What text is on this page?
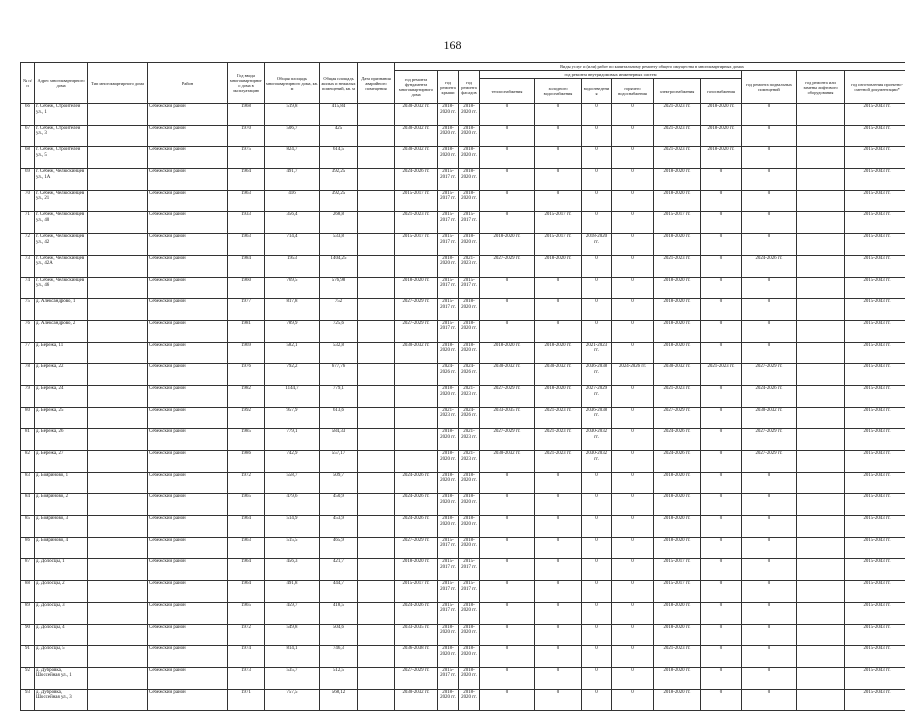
168
№ п/п	Адрес многоквартирного дома	Тип многоквартирного дома	Район	Год ввода многоквартирного дома в эксплуатацию	Общая площадь многоквартирного дома, кв. м	Общая площадь жилых и нежилых помещений, кв. м	Дата признания аварийного помещения	Виды услуг и (или) работ по капитальному ремонту общего имущества в многоквартирных домах											
								год ремонта фундамента многоквартирного дома	год ремонта крыши	год ремонта фасадов	год ремонта внутридомовых инженерных систем						год ремонта подвальных помещений	год ремонта или замены лифтового оборудования	год изготовления проектно-сметной документации*
											теплоснабжения	холодного водоснабжения	водоотведения	горячего водоснабжения	электроснабжения	газоснабжения			
66	г. Себеж, Строителей ул., 1		Себежский район	1968	519,8	415,84		2030-2032 гг.	2018-2020 гг.	2018-2020 гг.	0	0	0	0	2021-2023 гг.	2018-2020 гг.	0		2015-2043 гг.
67	г. Себеж, Строителей ул., 3		Себежский район	1970	506,7	425		2030-2032 гг.	2018-2020 гг.	2018-2020 гг.	0	0	0	0	2021-2023 гг.	2018-2020 гг.	0		2015-2043 гг.
68	г. Себеж, Строителей ул., 5		Себежский район	1975	824,7	614,5		2030-2032 гг.	2018-2020 гг.	2018-2020 гг.	0	0	0	0	2021-2023 гг.	2018-2020 гг.	0		2015-2043 гг.
69	г. Себеж, Челюскинцев ул., 1А		Себежский район	1964	491,7	392,25		2024-2026 гг.	2015-2017 гг.	2018-2020 гг.	0	0	0	0	2018-2020 гг.	0	0		2015-2043 гг.
70	г. Себеж, Челюскинцев ул., 21		Себежский район	1963	416	392,25		2015-2017 гг.	2015-2017 гг.	2018-2020 гг.	0	0	0	0	2018-2020 гг.	0	0		2015-2043 гг.
71	г. Себеж, Челюскинцев ул., 40		Себежский район	1933	356,4	268,8		2021-2023 гг.	2015-2017 гг.	2015-2017 гг.	0	2015-2017 гг.	0	0	2015-2017 гг.	0	0		2015-2043 гг.
72	г. Себеж, Челюскинцев ул., 42		Себежский район	1963	714,4	533,8		2015-2017 гг.	2015-2017 гг.	2018-2020 гг.	2018-2020 гг.	2015-2017 гг.	2018-2020 гг.	0	2018-2020 гг.	0	0		2015-2043 гг.
73	г. Себеж, Челюскинцев ул., 42А		Себежский район	1984	1953	1404,25			2018-2020 гг.	2021-2023 гг.	2027-2029 гг.	2018-2020 гг.	0	0	2021-2023 гг.	0	2024-2026 гг.		2015-2043 гг.
74	г. Себеж, Челюскинцев ул., 46		Себежский район	1960	769,5	576,98		2018-2020 гг.	2015-2017 гг.	2015-2017 гг.	0	0	0	0	2018-2020 гг.	0	0		2015-2043 гг.
75	д. Александрово, 1		Себежский район	1977	817,8	752		2027-2029 гг.	2015-2017 гг.	2018-2020 гг.	0	0	0	0	2018-2020 гг.	0	0		2015-2043 гг.
76	д. Александрово, 2		Себежский район	1981	789,9	725,6		2027-2029 гг.	2015-2017 гг.	2018-2020 гг.	0	0	0	0	2018-2020 гг.	0	0		2015-2043 гг.
77	д. Бережа, 11		Себежский район	1969	582,1	532,8		2030-2032 гг.	2018-2020 гг.	2018-2020 гг.	2018-2020 гг.	2018-2020 гг.	2021-2023 гг.	0	2018-2020 гг.	0	0		2015-2043 гг.
78	д. Бережа, 22		Себежский район	1976	792,2	677,76			2024-2026 гг.	2024-2026 гг.	2030-2032 гг.	2030-2032 гг.	2036-2038 гг.	2024-2026 гг.	2030-2032 гг.	2021-2023 гг.	2027-2029 гг.		2015-2043 гг.
79	д. Бережа, 24		Себежский район	1982	1144,7	779,1			2018-2020 гг.	2021-2023 гг.	2027-2029 гг.	2018-2020 гг.	2027-2029 гг.	0	2021-2023 гг.	0	2024-2026 гг.		2015-2043 гг.
80	д. Бережа, 25		Себежский район	1992	957,9	613,6			2021-2023 гг.	2024-2026 гг.	2033-2035 гг.	2021-2023 гг.	2036-2038 гг.	0	2027-2029 гг.	0	2030-2032 гг.		2015-2043 гг.
81	д. Бережа, 26		Себежский район	1985	779,1	584,33			2018-2020 гг.	2021-2023 гг.	2027-2029 гг.	2021-2023 гг.	2030-2032 гг.	0	2024-2026 гг.	0	2027-2029 гг.		2015-2043 гг.
82	д. Бережа, 27		Себежский район	1986	742,9	557,17			2018-2020 гг.	2021-2023 гг.	2030-2032 гг.	2021-2023 гг.	2030-2032 гг.	0	2024-2026 гг.	0	2027-2029 гг.		2015-2043 гг.
83	д. Бояриново, 1		Себежский район	1972	558,7	509,7		2024-2026 гг.	2018-2020 гг.	2018-2020 гг.	0	0	0	0	2018-2020 гг.	0	0		2015-2043 гг.
84	д. Бояриново, 2		Себежский район	1965	479,6	450,9		2024-2026 гг.	2018-2020 гг.	2018-2020 гг.	0	0	0	0	2018-2020 гг.	0	0		2015-2043 гг.
85	д. Бояриново, 3		Себежский район	1964	514,9	453,9		2024-2026 гг.	2018-2020 гг.	2018-2020 гг.	0	0	0	0	2018-2020 гг.	0	0		2015-2043 гг.
86	д. Бояриново, 4		Себежский район	1963	515,5	465,9		2027-2029 гг.	2015-2017 гг.	2018-2020 гг.	0	0	0	0	2018-2020 гг.	0	0		2015-2043 гг.
87	д. Долосцы, 1		Себежский район	1964	456,3	421,7		2018-2020 гг.	2015-2017 гг.	2015-2017 гг.	0	0	0	0	2015-2017 гг.	0	0		2015-2043 гг.
88	д. Долосцы, 2		Себежский район	1964	491,8	444,7		2015-2017 гг.	2015-2017 гг.	2015-2017 гг.	0	0	0	0	2015-2017 гг.	0	0		2015-2043 гг.
89	д. Долосцы, 3		Себежский район	1965	459,7	418,5		2024-2026 гг.	2015-2017 гг.	2018-2020 гг.	0	0	0	0	2018-2020 гг.	0	0		2015-2043 гг.
90	д. Долосцы, 4		Себежский район	1972	549,8	504,6		2033-2035 гг.	2018-2020 гг.	2018-2020 гг.	0	0	0	0	2018-2020 гг.	0	0		2015-2043 гг.
91	д. Долосцы, 5		Себежский район	1974	814,1	746,3		2036-2038 гг.	2018-2020 гг.	2018-2020 гг.	0	0	0	0	2021-2023 гг.	0	0		2015-2043 гг.
92	д. Дубровка, Шоссейная ул., 1		Себежский район	1973	535,7	512,5		2027-2029 гг.	2015-2017 гг.	2018-2020 гг.	0	0	0	0	2018-2020 гг.	0	0		2015-2043 гг.
93	д. Дубровка, Шоссейная ул., 3		Себежский район	1971	757,5	568,12		2030-2032 гг.	2018-2020 гг.	2018-2020 гг.	0	0	0	0	2018-2020 гг.	0	0		2015-2043 гг.
